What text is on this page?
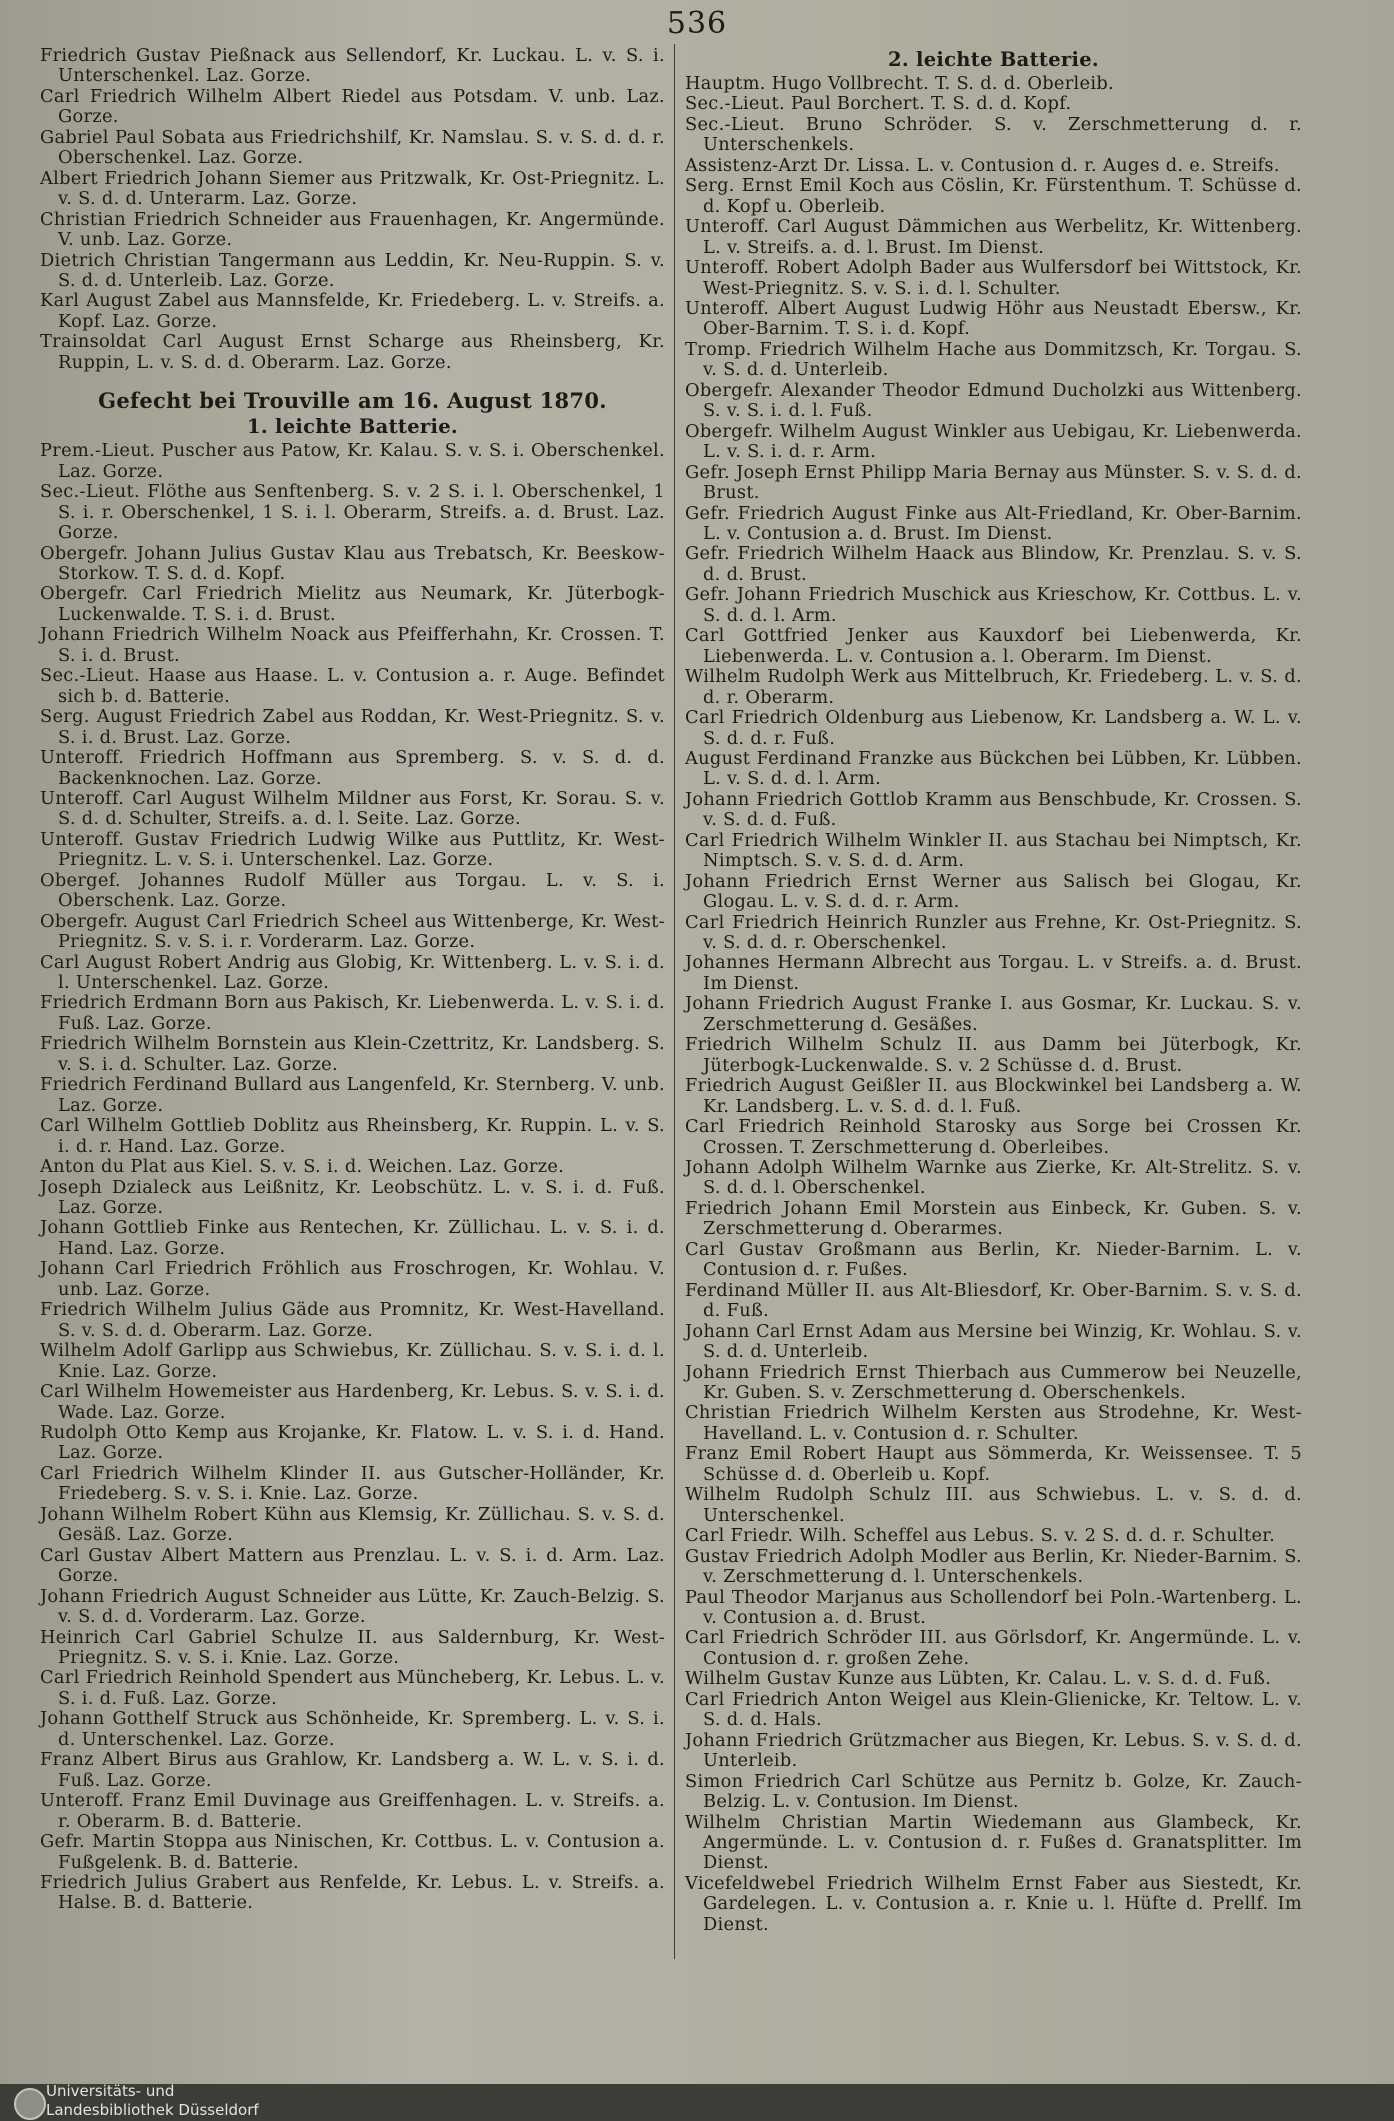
536
Friedrich Gustav Pießnack aus Sellendorf, Kr. Luckau. L. v. S. i. Unterschenkel. Laz. Gorze.
Carl Friedrich Wilhelm Albert Riedel aus Potsdam. V. unb. Laz. Gorze.
Gabriel Paul Sobata aus Friedrichshilf, Kr. Namslau. S. v. S. d. d. r. Oberschenkel. Laz. Gorze.
Albert Friedrich Johann Siemer aus Pritzwalk, Kr. Ost-Priegnitz. L. v. S. d. d. Unterarm. Laz. Gorze.
Christian Friedrich Schneider aus Frauenhagen, Kr. Angermünde. V. unb. Laz. Gorze.
Dietrich Christian Tangermann aus Leddin, Kr. Neu-Ruppin. S. v. S. d. d. Unterleib. Laz. Gorze.
Karl August Zabel aus Mannsfelde, Kr. Friedeberg. L. v. Streifs. a. Kopf. Laz. Gorze.
Trainsoldat Carl August Ernst Scharge aus Rheinsberg, Kr. Ruppin, L. v. S. d. d. Oberarm. Laz. Gorze.
Gefecht bei Trouville am 16. August 1870.
1. leichte Batterie.
Prem.-Lieut. Puscher aus Patow, Kr. Kalau. S. v. S. i. Oberschenkel. Laz. Gorze.
Sec.-Lieut. Flöthe aus Senftenberg. S. v. 2 S. i. l. Oberschenkel, 1 S. i. r. Oberschenkel, 1 S. i. l. Oberarm, Streifs. a. d. Brust. Laz. Gorze.
Obergefr. Johann Julius Gustav Klau aus Trebatsch, Kr. Beeskow-Storkow. T. S. d. d. Kopf.
Obergefr. Carl Friedrich Mielitz aus Neumark, Kr. Jüterbogk-Luckenwalde. T. S. i. d. Brust.
Johann Friedrich Wilhelm Noack aus Pfeifferhahn, Kr. Crossen. T. S. i. d. Brust.
Sec.-Lieut. Haase aus Haase. L. v. Contusion a. r. Auge. Befindet sich b. d. Batterie.
Serg. August Friedrich Zabel aus Roddan, Kr. West-Priegnitz. S. v. S. i. d. Brust. Laz. Gorze.
Unteroff. Friedrich Hoffmann aus Spremberg. S. v. S. d. d. Backenknochen. Laz. Gorze.
Unteroff. Carl August Wilhelm Mildner aus Forst, Kr. Sorau. S. v. S. d. d. Schulter, Streifs. a. d. l. Seite. Laz. Gorze.
Unteroff. Gustav Friedrich Ludwig Wilke aus Puttlitz, Kr. West-Priegnitz. L. v. S. i. Unterschenkel. Laz. Gorze.
Obergef. Johannes Rudolf Müller aus Torgau. L. v. S. i. Oberschenk. Laz. Gorze.
Obergefr. August Carl Friedrich Scheel aus Wittenberge, Kr. West-Priegnitz. S. v. S. i. r. Vorderarm. Laz. Gorze.
Carl August Robert Andrig aus Globig, Kr. Wittenberg. L. v. S. i. d. l. Unterschenkel. Laz. Gorze.
Friedrich Erdmann Born aus Pakisch, Kr. Liebenwerda. L. v. S. i. d. Fuß. Laz. Gorze.
Friedrich Wilhelm Bornstein aus Klein-Czettritz, Kr. Landsberg. S. v. S. i. d. Schulter. Laz. Gorze.
Friedrich Ferdinand Bullard aus Langenfeld, Kr. Sternberg. V. unb. Laz. Gorze.
Carl Wilhelm Gottlieb Doblitz aus Rheinsberg, Kr. Ruppin. L. v. S. i. d. r. Hand. Laz. Gorze.
Anton du Plat aus Kiel. S. v. S. i. d. Weichen. Laz. Gorze.
Joseph Dzialeck aus Leißnitz, Kr. Leobschütz. L. v. S. i. d. Fuß. Laz. Gorze.
Johann Gottlieb Finke aus Rentechen, Kr. Züllichau. L. v. S. i. d. Hand. Laz. Gorze.
Johann Carl Friedrich Fröhlich aus Froschrogen, Kr. Wohlau. V. unb. Laz. Gorze.
Friedrich Wilhelm Julius Gäde aus Promnitz, Kr. West-Havelland. S. v. S. d. d. Oberarm. Laz. Gorze.
Wilhelm Adolf Garlipp aus Schwiebus, Kr. Züllichau. S. v. S. i. d. l. Knie. Laz. Gorze.
Carl Wilhelm Howemeister aus Hardenberg, Kr. Lebus. S. v. S. i. d. Wade. Laz. Gorze.
Rudolph Otto Kemp aus Krojanke, Kr. Flatow. L. v. S. i. d. Hand. Laz. Gorze.
Carl Friedrich Wilhelm Klinder II. aus Gutscher-Holländer, Kr. Friedeberg. S. v. S. i. Knie. Laz. Gorze.
Johann Wilhelm Robert Kühn aus Klemsig, Kr. Züllichau. S. v. S. d. Gesäß. Laz. Gorze.
Carl Gustav Albert Mattern aus Prenzlau. L. v. S. i. d. Arm. Laz. Gorze.
Johann Friedrich August Schneider aus Lütte, Kr. Zauch-Belzig. S. v. S. d. d. Vorderarm. Laz. Gorze.
Heinrich Carl Gabriel Schulze II. aus Saldernburg, Kr. West-Priegnitz. S. v. S. i. Knie. Laz. Gorze.
Carl Friedrich Reinhold Spendert aus Müncheberg, Kr. Lebus. L. v. S. i. d. Fuß. Laz. Gorze.
Johann Gotthelf Struck aus Schönheide, Kr. Spremberg. L. v. S. i. d. Unterschenkel. Laz. Gorze.
Franz Albert Birus aus Grahlow, Kr. Landsberg a. W. L. v. S. i. d. Fuß. Laz. Gorze.
Unteroff. Franz Emil Duvinage aus Greiffenhagen. L. v. Streifs. a. r. Oberarm. B. d. Batterie.
Gefr. Martin Stoppa aus Ninischen, Kr. Cottbus. L. v. Contusion a. Fußgelenk. B. d. Batterie.
Friedrich Julius Grabert aus Renfelde, Kr. Lebus. L. v. Streifs. a. Halse. B. d. Batterie.
2. leichte Batterie.
Hauptm. Hugo Vollbrecht. T. S. d. d. Oberleib.
Sec.-Lieut. Paul Borchert. T. S. d. d. Kopf.
Sec.-Lieut. Bruno Schröder. S. v. Zerschmetterung d. r. Unterschenkels.
Assistenz-Arzt Dr. Lissa. L. v. Contusion d. r. Auges d. e. Streifs.
Serg. Ernst Emil Koch aus Cöslin, Kr. Fürstenthum. T. Schüsse d. d. Kopf u. Oberleib.
Unteroff. Carl August Dämmichen aus Werbelitz, Kr. Wittenberg. L. v. Streifs. a. d. l. Brust. Im Dienst.
Unteroff. Robert Adolph Bader aus Wulfersdorf bei Wittstock, Kr. West-Priegnitz. S. v. S. i. d. l. Schulter.
Unteroff. Albert August Ludwig Höhr aus Neustadt Ebersw., Kr. Ober-Barnim. T. S. i. d. Kopf.
Tromp. Friedrich Wilhelm Hache aus Dommitzsch, Kr. Torgau. S. v. S. d. d. Unterleib.
Obergefr. Alexander Theodor Edmund Ducholzki aus Wittenberg. S. v. S. i. d. l. Fuß.
Obergefr. Wilhelm August Winkler aus Uebigau, Kr. Liebenwerda. L. v. S. i. d. r. Arm.
Gefr. Joseph Ernst Philipp Maria Bernay aus Münster. S. v. S. d. d. Brust.
Gefr. Friedrich August Finke aus Alt-Friedland, Kr. Ober-Barnim. L. v. Contusion a. d. Brust. Im Dienst.
Gefr. Friedrich Wilhelm Haack aus Blindow, Kr. Prenzlau. S. v. S. d. d. Brust.
Gefr. Johann Friedrich Muschick aus Krieschow, Kr. Cottbus. L. v. S. d. d. l. Arm.
Carl Gottfried Jenker aus Kauxdorf bei Liebenwerda, Kr. Liebenwerda. L. v. Contusion a. l. Oberarm. Im Dienst.
Wilhelm Rudolph Werk aus Mittelbruch, Kr. Friedeberg. L. v. S. d. d. r. Oberarm.
Carl Friedrich Oldenburg aus Liebenow, Kr. Landsberg a. W. L. v. S. d. d. r. Fuß.
August Ferdinand Franzke aus Bückchen bei Lübben, Kr. Lübben. L. v. S. d. d. l. Arm.
Johann Friedrich Gottlob Kramm aus Benschbude, Kr. Crossen. S. v. S. d. d. Fuß.
Carl Friedrich Wilhelm Winkler II. aus Stachau bei Nimptsch, Kr. Nimptsch. S. v. S. d. d. Arm.
Johann Friedrich Ernst Werner aus Salisch bei Glogau, Kr. Glogau. L. v. S. d. d. r. Arm.
Carl Friedrich Heinrich Runzler aus Frehne, Kr. Ost-Priegnitz. S. v. S. d. d. r. Oberschenkel.
Johannes Hermann Albrecht aus Torgau. L. v Streifs. a. d. Brust. Im Dienst.
Johann Friedrich August Franke I. aus Gosmar, Kr. Luckau. S. v. Zerschmetterung d. Gesäßes.
Friedrich Wilhelm Schulz II. aus Damm bei Jüterbogk, Kr. Jüterbogk-Luckenwalde. S. v. 2 Schüsse d. d. Brust.
Friedrich August Geißler II. aus Blockwinkel bei Landsberg a. W. Kr. Landsberg. L. v. S. d. d. l. Fuß.
Carl Friedrich Reinhold Starosky aus Sorge bei Crossen Kr. Crossen. T. Zerschmetterung d. Oberleibes.
Johann Adolph Wilhelm Warnke aus Zierke, Kr. Alt-Strelitz. S. v. S. d. d. l. Oberschenkel.
Friedrich Johann Emil Morstein aus Einbeck, Kr. Guben. S. v. Zerschmetterung d. Oberarmes.
Carl Gustav Großmann aus Berlin, Kr. Nieder-Barnim. L. v. Contusion d. r. Fußes.
Ferdinand Müller II. aus Alt-Bliesdorf, Kr. Ober-Barnim. S. v. S. d. d. Fuß.
Johann Carl Ernst Adam aus Mersine bei Winzig, Kr. Wohlau. S. v. S. d. d. Unterleib.
Johann Friedrich Ernst Thierbach aus Cummerow bei Neuzelle, Kr. Guben. S. v. Zerschmetterung d. Oberschenkels.
Christian Friedrich Wilhelm Kersten aus Strodehne, Kr. West-Havelland. L. v. Contusion d. r. Schulter.
Franz Emil Robert Haupt aus Sömmerda, Kr. Weissensee. T. 5 Schüsse d. d. Oberleib u. Kopf.
Wilhelm Rudolph Schulz III. aus Schwiebus. L. v. S. d. d. Unterschenkel.
Carl Friedr. Wilh. Scheffel aus Lebus. S. v. 2 S. d. d. r. Schulter.
Gustav Friedrich Adolph Modler aus Berlin, Kr. Nieder-Barnim. S. v. Zerschmetterung d. l. Unterschenkels.
Paul Theodor Marjanus aus Schollendorf bei Poln.-Wartenberg. L. v. Contusion a. d. Brust.
Carl Friedrich Schröder III. aus Görlsdorf, Kr. Angermünde. L. v. Contusion d. r. großen Zehe.
Wilhelm Gustav Kunze aus Lübten, Kr. Calau. L. v. S. d. d. Fuß.
Carl Friedrich Anton Weigel aus Klein-Glienicke, Kr. Teltow. L. v. S. d. d. Hals.
Johann Friedrich Grützmacher aus Biegen, Kr. Lebus. S. v. S. d. d. Unterleib.
Simon Friedrich Carl Schütze aus Pernitz b. Golze, Kr. Zauch-Belzig. L. v. Contusion. Im Dienst.
Wilhelm Christian Martin Wiedemann aus Glambeck, Kr. Angermünde. L. v. Contusion d. r. Fußes d. Granatsplitter. Im Dienst.
Vicefeldwebel Friedrich Wilhelm Ernst Faber aus Siestedt, Kr. Gardelegen. L. v. Contusion a. r. Knie u. l. Hüfte d. Prellf. Im Dienst.
Universitäts- und
Landesbibliothek Düsseldorf
